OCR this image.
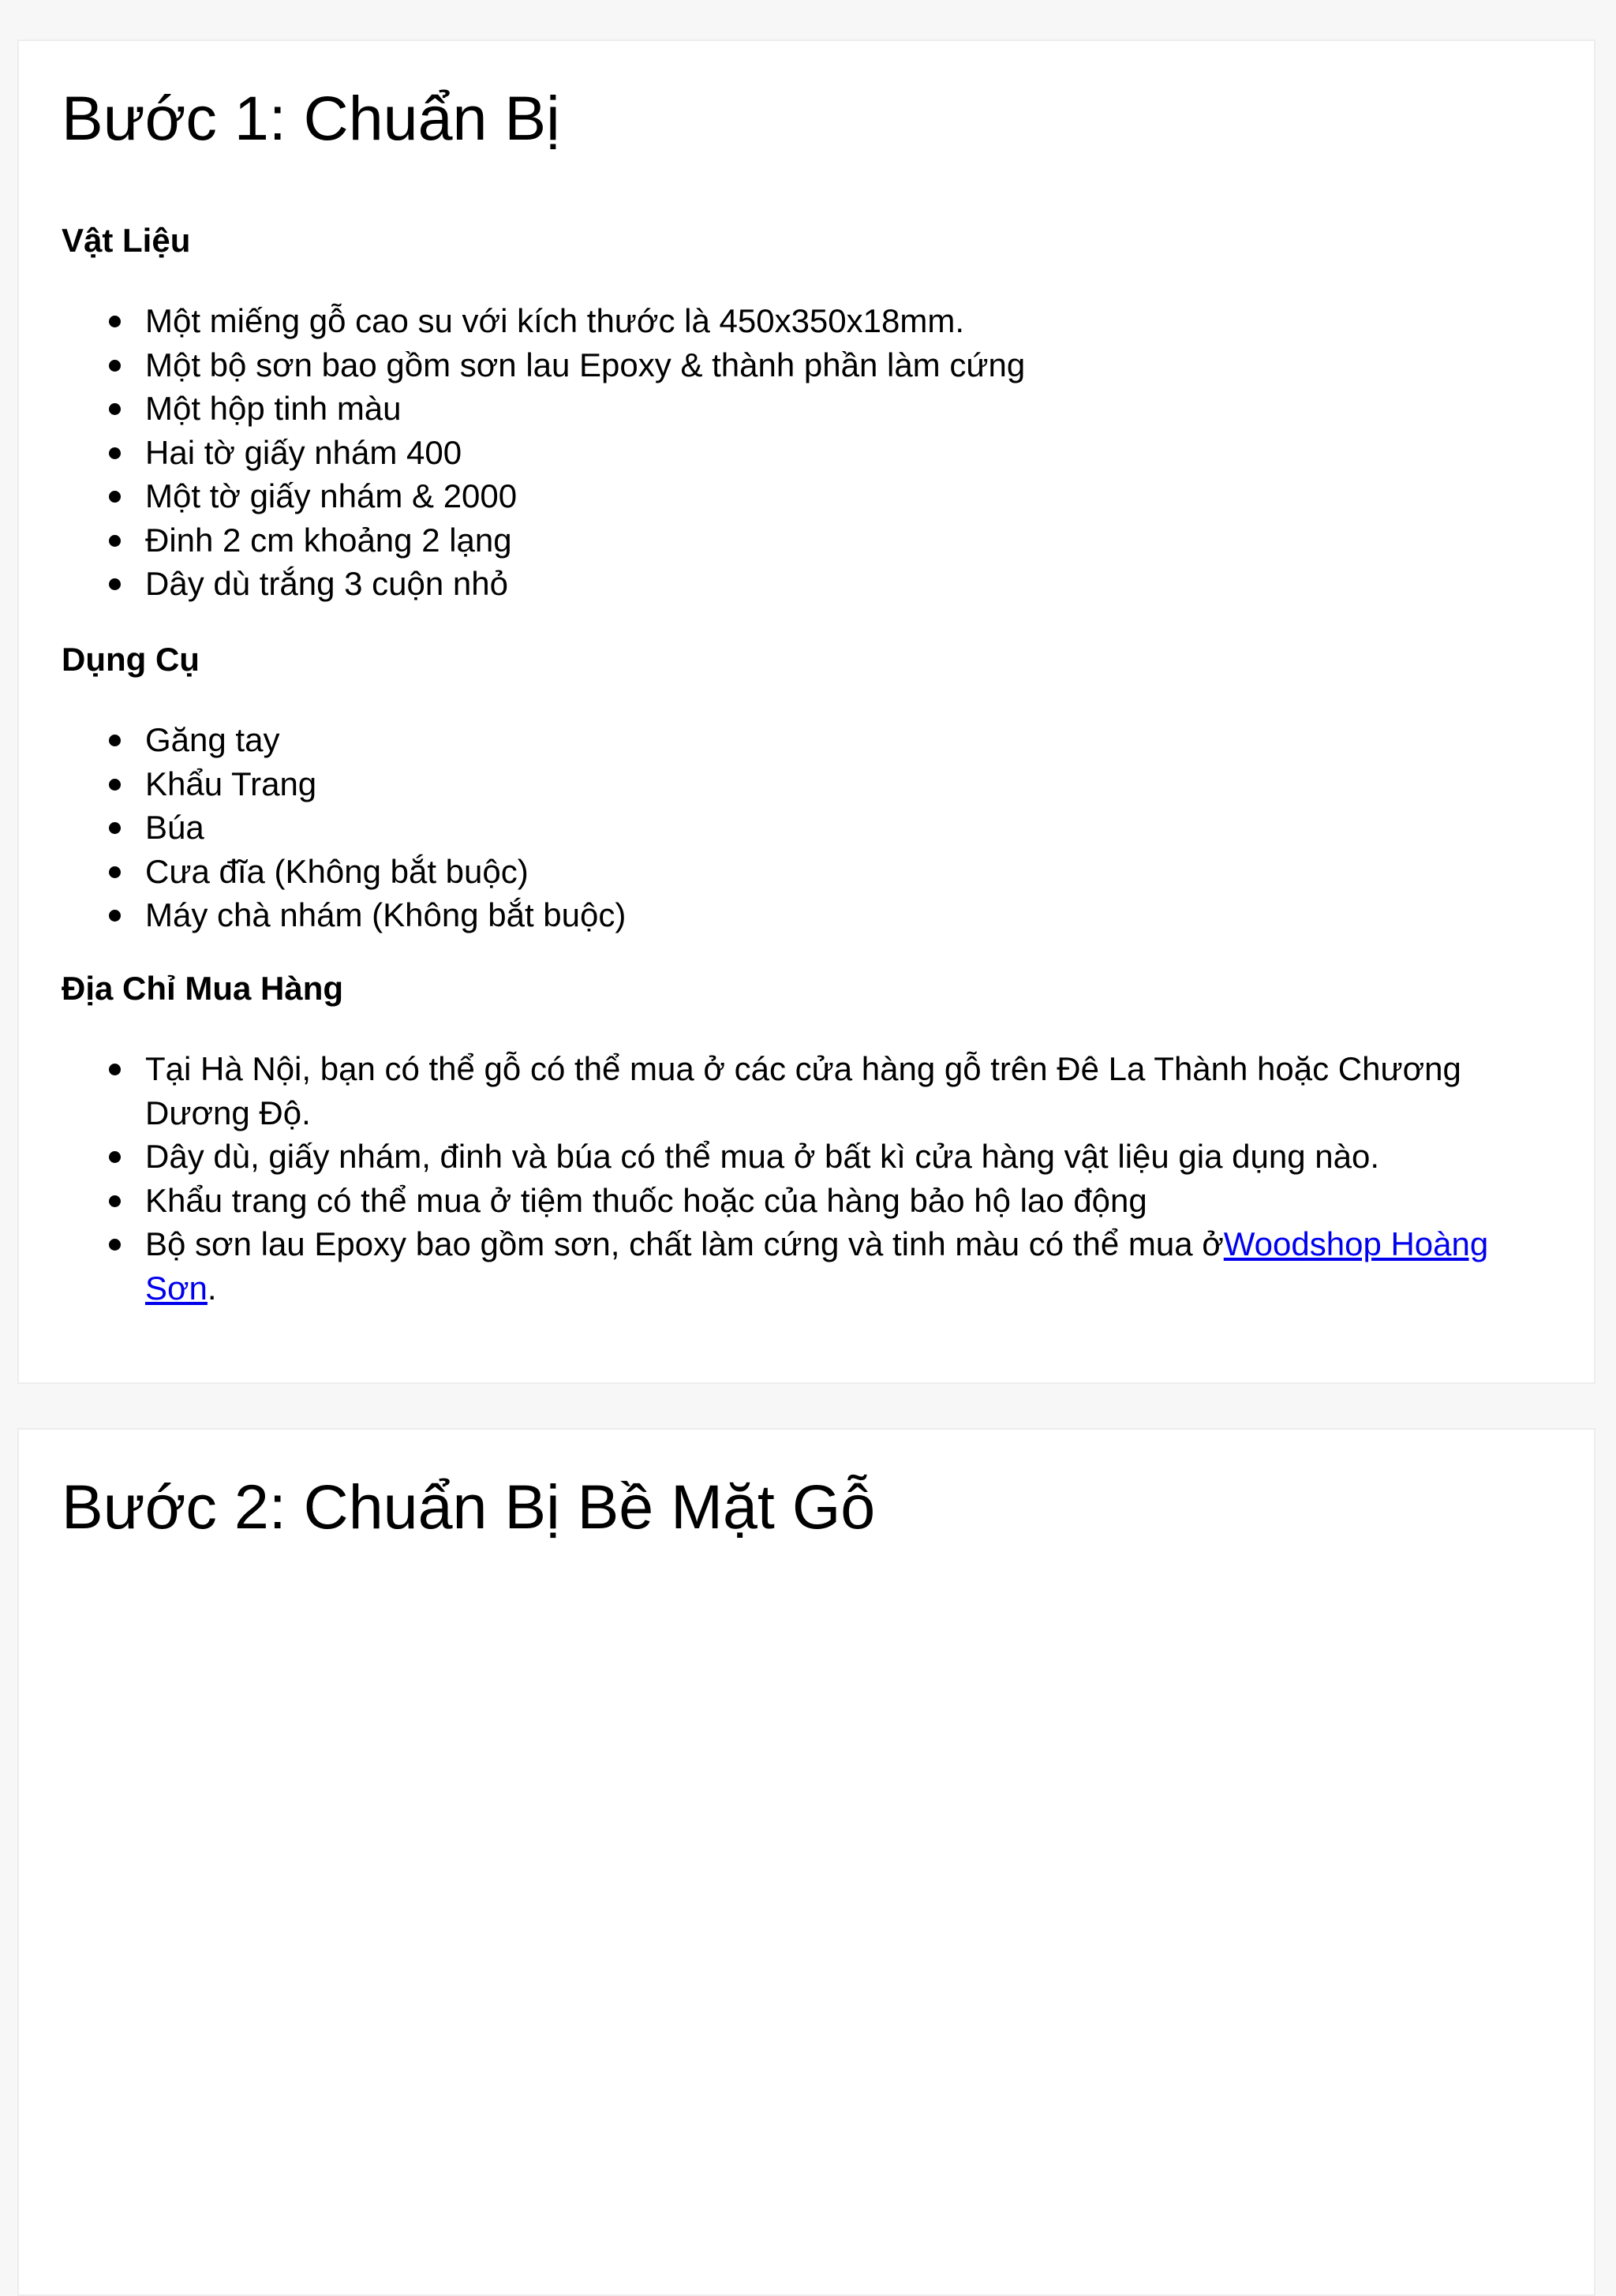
Bước 1: Chuẩn Bị
Vật Liệu
Một miếng gỗ cao su với kích thước là 450x350x18mm.
Một bộ sơn bao gồm sơn lau Epoxy & thành phần làm cứng
Một hộp tinh màu
Hai tờ giấy nhám 400
Một tờ giấy nhám & 2000
Đinh 2 cm khoảng 2 lạng
Dây dù trắng 3 cuộn nhỏ
Dụng Cụ
Găng tay
Khẩu Trang
Búa
Cưa đĩa (Không bắt buộc)
Máy chà nhám (Không bắt buộc)
Địa Chỉ Mua Hàng
Tại Hà Nội, bạn có thể gỗ có thể mua ở các cửa hàng gỗ trên Đê La Thành hoặc Chương Dương Độ.
Dây dù, giấy nhám, đinh và búa có thể mua ở bất kì cửa hàng vật liệu gia dụng nào.
Khẩu trang có thể mua ở tiệm thuốc hoặc của hàng bảo hộ lao động
Bộ sơn lau Epoxy bao gồm sơn, chất làm cứng và tinh màu có thể mua ởWoodshop Hoàng Sơn.
Bước 2: Chuẩn Bị Bề Mặt Gỗ
